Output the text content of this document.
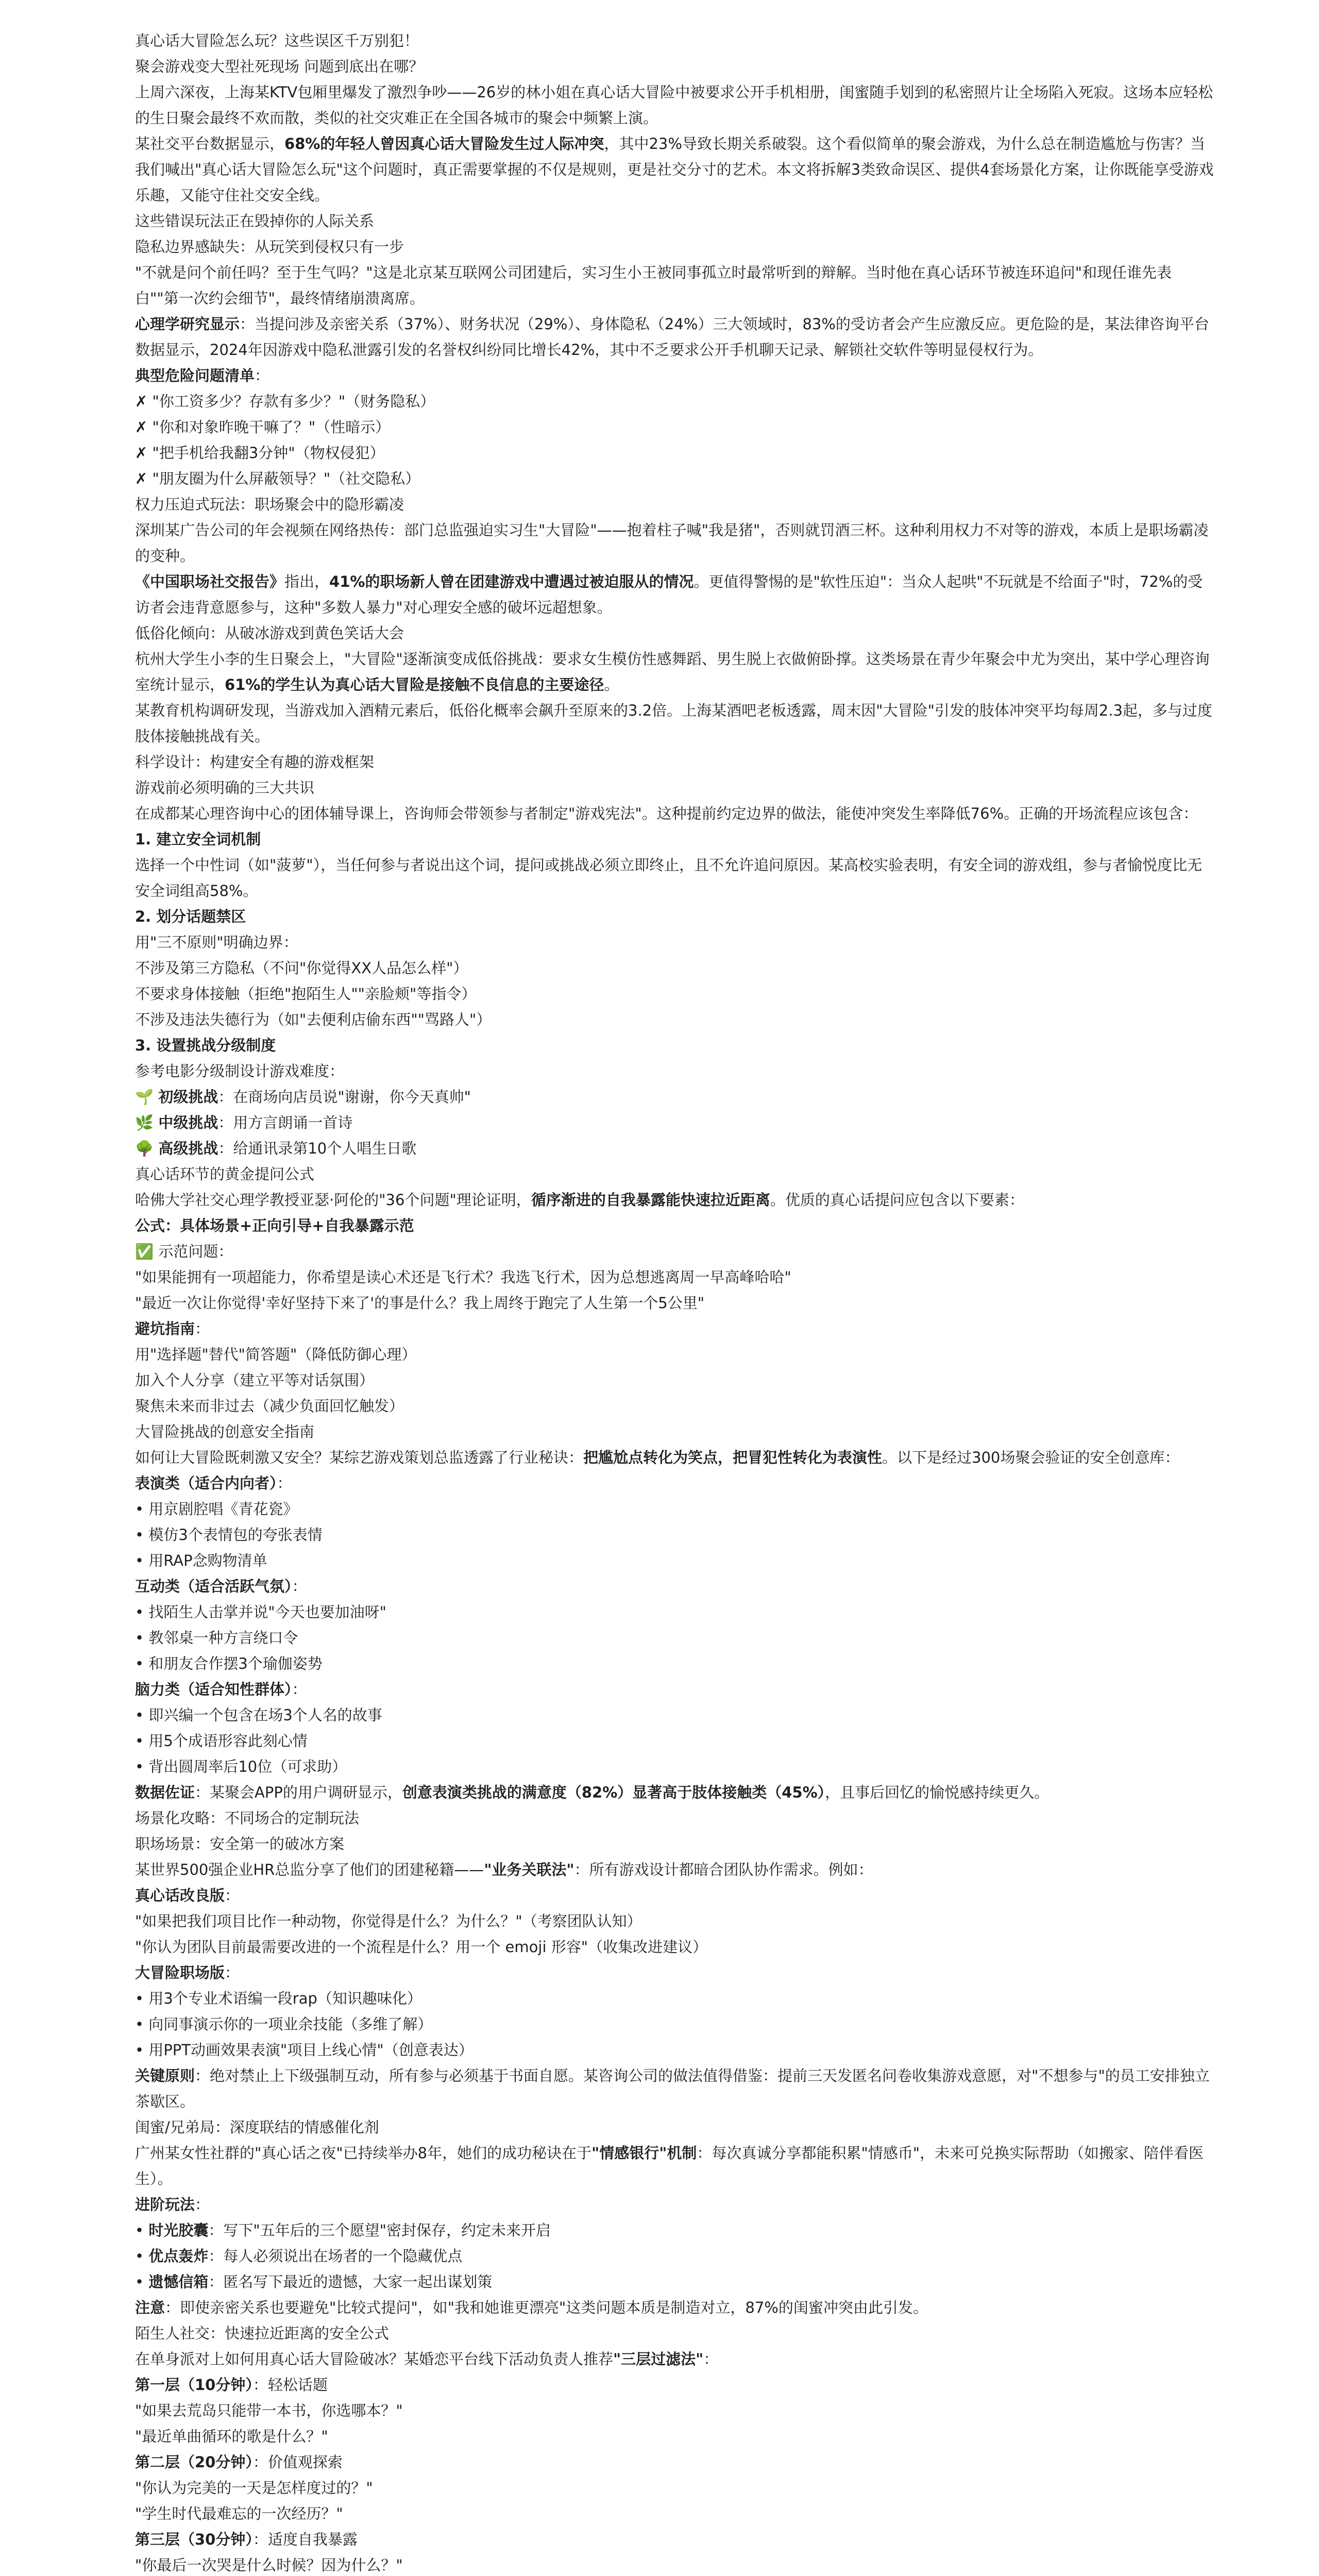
真心话大冒险怎么玩？这些误区千万别犯！

聚会游戏变大型社死现场 问题到底出在哪？

上周六深夜，上海某KTV包厢里爆发了激烈争吵——26岁的林小姐在真心话大冒险中被要求公开手机相册，闺蜜随手划到的私密照片让全场陷入死寂。这场本应轻松的生日聚会最终不欢而散，类似的社交灾难正在全国各城市的聚会中频繁上演。

某社交平台数据显示，68%的年轻人曾因真心话大冒险发生过人际冲突，其中23%导致长期关系破裂。这个看似简单的聚会游戏，为什么总在制造尴尬与伤害？当我们喊出"真心话大冒险怎么玩"这个问题时，真正需要掌握的不仅是规则，更是社交分寸的艺术。本文将拆解3类致命误区、提供4套场景化方案，让你既能享受游戏乐趣，又能守住社交安全线。

这些错误玩法正在毁掉你的人际关系

隐私边界感缺失：从玩笑到侵权只有一步

"不就是问个前任吗？至于生气吗？"这是北京某互联网公司团建后，实习生小王被同事孤立时最常听到的辩解。当时他在真心话环节被连环追问"和现任谁先表白""第一次约会细节"，最终情绪崩溃离席。

心理学研究显示：当提问涉及亲密关系（37%）、财务状况（29%）、身体隐私（24%）三大领域时，83%的受访者会产生应激反应。更危险的是，某法律咨询平台数据显示，2024年因游戏中隐私泄露引发的名誉权纠纷同比增长42%，其中不乏要求公开手机聊天记录、解锁社交软件等明显侵权行为。

典型危险问题清单：

✗ "你工资多少？存款有多少？"（财务隐私）

✗ "你和对象昨晚干嘛了？"（性暗示）

✗ "把手机给我翻3分钟"（物权侵犯）

✗ "朋友圈为什么屏蔽领导？"（社交隐私）

权力压迫式玩法：职场聚会中的隐形霸凌

深圳某广告公司的年会视频在网络热传：部门总监强迫实习生"大冒险"——抱着柱子喊"我是猪"，否则就罚酒三杯。这种利用权力不对等的游戏，本质上是职场霸凌的变种。

《中国职场社交报告》指出，41%的职场新人曾在团建游戏中遭遇过被迫服从的情况。更值得警惕的是"软性压迫"：当众人起哄"不玩就是不给面子"时，72%的受访者会违背意愿参与，这种"多数人暴力"对心理安全感的破坏远超想象。

低俗化倾向：从破冰游戏到黄色笑话大会

杭州大学生小李的生日聚会上，"大冒险"逐渐演变成低俗挑战：要求女生模仿性感舞蹈、男生脱上衣做俯卧撑。这类场景在青少年聚会中尤为突出，某中学心理咨询室统计显示，61%的学生认为真心话大冒险是接触不良信息的主要途径。

某教育机构调研发现，当游戏加入酒精元素后，低俗化概率会飙升至原来的3.2倍。上海某酒吧老板透露，周末因"大冒险"引发的肢体冲突平均每周2.3起，多与过度肢体接触挑战有关。

科学设计：构建安全有趣的游戏框架

游戏前必须明确的三大共识

在成都某心理咨询中心的团体辅导课上，咨询师会带领参与者制定"游戏宪法"。这种提前约定边界的做法，能使冲突发生率降低76%。正确的开场流程应该包含：

1. 建立安全词机制

选择一个中性词（如"菠萝"），当任何参与者说出这个词，提问或挑战必须立即终止，且不允许追问原因。某高校实验表明，有安全词的游戏组，参与者愉悦度比无安全词组高58%。

2. 划分话题禁区

用"三不原则"明确边界：

不涉及第三方隐私（不问"你觉得XX人品怎么样"）

不要求身体接触（拒绝"抱陌生人""亲脸颊"等指令）

不涉及违法失德行为（如"去便利店偷东西""骂路人"）

3. 设置挑战分级制度

参考电影分级制设计游戏难度：

🌱 初级挑战：在商场向店员说"谢谢，你今天真帅"

🌿 中级挑战：用方言朗诵一首诗

🌳 高级挑战：给通讯录第10个人唱生日歌

真心话环节的黄金提问公式

哈佛大学社交心理学教授亚瑟·阿伦的"36个问题"理论证明，循序渐进的自我暴露能快速拉近距离。优质的真心话提问应包含以下要素：

公式：具体场景+正向引导+自我暴露示范

✅ 示范问题：

"如果能拥有一项超能力，你希望是读心术还是飞行术？我选飞行术，因为总想逃离周一早高峰哈哈"

"最近一次让你觉得'幸好坚持下来了'的事是什么？我上周终于跑完了人生第一个5公里"

避坑指南：

用"选择题"替代"简答题"（降低防御心理）

加入个人分享（建立平等对话氛围）

聚焦未来而非过去（减少负面回忆触发）

大冒险挑战的创意安全指南

如何让大冒险既刺激又安全？某综艺游戏策划总监透露了行业秘诀：把尴尬点转化为笑点，把冒犯性转化为表演性。以下是经过300场聚会验证的安全创意库：

表演类（适合内向者）：

• 用京剧腔唱《青花瓷》

• 模仿3个表情包的夸张表情

• 用RAP念购物清单

互动类（适合活跃气氛）：

• 找陌生人击掌并说"今天也要加油呀"

• 教邻桌一种方言绕口令

• 和朋友合作摆3个瑜伽姿势

脑力类（适合知性群体）：

• 即兴编一个包含在场3个人名的故事

• 用5个成语形容此刻心情

• 背出圆周率后10位（可求助）

数据佐证：某聚会APP的用户调研显示，创意表演类挑战的满意度（82%）显著高于肢体接触类（45%），且事后回忆的愉悦感持续更久。

场景化攻略：不同场合的定制玩法

职场场景：安全第一的破冰方案

某世界500强企业HR总监分享了他们的团建秘籍——"业务关联法"：所有游戏设计都暗合团队协作需求。例如：

真心话改良版：

"如果把我们项目比作一种动物，你觉得是什么？为什么？"（考察团队认知）

"你认为团队目前最需要改进的一个流程是什么？用一个 emoji 形容"（收集改进建议）

大冒险职场版：

• 用3个专业术语编一段rap（知识趣味化）

• 向同事演示你的一项业余技能（多维了解）

• 用PPT动画效果表演"项目上线心情"（创意表达）

关键原则：绝对禁止上下级强制互动，所有参与必须基于书面自愿。某咨询公司的做法值得借鉴：提前三天发匿名问卷收集游戏意愿，对"不想参与"的员工安排独立茶歇区。

闺蜜/兄弟局：深度联结的情感催化剂

广州某女性社群的"真心话之夜"已持续举办8年，她们的成功秘诀在于"情感银行"机制：每次真诚分享都能积累"情感币"，未来可兑换实际帮助（如搬家、陪伴看医生）。

进阶玩法：

• 时光胶囊：写下"五年后的三个愿望"密封保存，约定未来开启

• 优点轰炸：每人必须说出在场者的一个隐藏优点

• 遗憾信箱：匿名写下最近的遗憾，大家一起出谋划策

注意：即使亲密关系也要避免"比较式提问"，如"我和她谁更漂亮"这类问题本质是制造对立，87%的闺蜜冲突由此引发。

陌生人社交：快速拉近距离的安全公式

在单身派对上如何用真心话大冒险破冰？某婚恋平台线下活动负责人推荐"三层过滤法"：

第一层（10分钟）：轻松话题

"如果去荒岛只能带一本书，你选哪本？"

"最近单曲循环的歌是什么？"

第二层（20分钟）：价值观探索

"你认为完美的一天是怎样度过的？"

"学生时代最难忘的一次经历？"

第三层（30分钟）：适度自我暴露

"你最后一次哭是什么时候？因为什么？"
